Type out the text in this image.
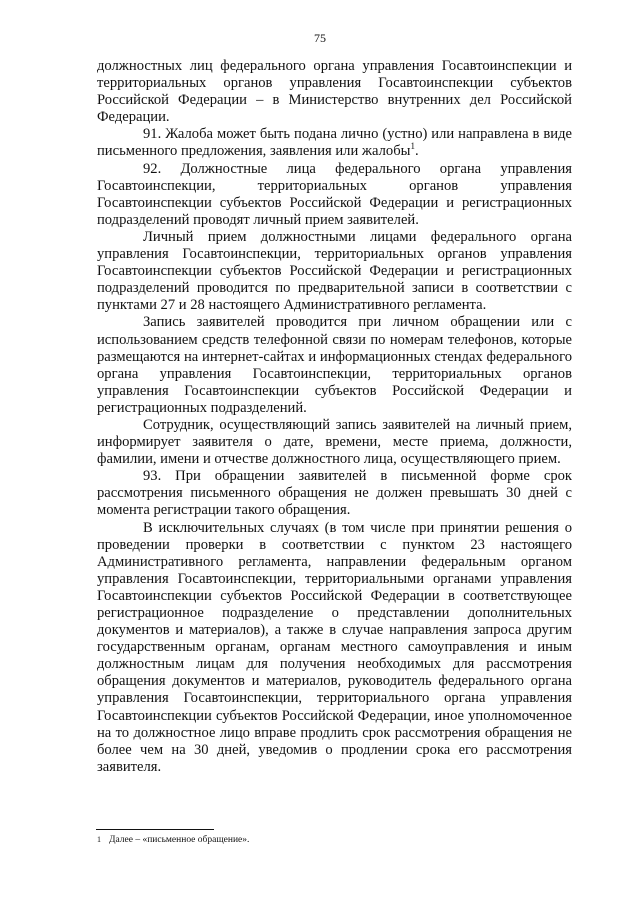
75

должностных лиц федерального органа управления Госавтоинспекции и территориальных органов управления Госавтоинспекции субъектов Российской Федерации – в Министерство внутренних дел Российской Федерации.

91. Жалоба может быть подана лично (устно) или направлена в виде письменного предложения, заявления или жалобы$^1$.

92. Должностные лица федерального органа управления Госавтоинспекции, территориальных органов управления Госавтоинспекции субъектов Российской Федерации и регистрационных подразделений проводят личный прием заявителей.

Личный прием должностными лицами федерального органа управления Госавтоинспекции, территориальных органов управления Госавтоинспекции субъектов Российской Федерации и регистрационных подразделений проводится по предварительной записи в соответствии с пунктами 27 и 28 настоящего Административного регламента.

Запись заявителей проводится при личном обращении или с использованием средств телефонной связи по номерам телефонов, которые размещаются на интернет-сайтах и информационных стендах федерального органа управления Госавтоинспекции, территориальных органов управления Госавтоинспекции субъектов Российской Федерации и регистрационных подразделений.

Сотрудник, осуществляющий запись заявителей на личный прием, информирует заявителя о дате, времени, месте приема, должности, фамилии, имени и отчестве должностного лица, осуществляющего прием.

93. При обращении заявителей в письменной форме срок рассмотрения письменного обращения не должен превышать 30 дней с момента регистрации такого обращения.

В исключительных случаях (в том числе при принятии решения о проведении проверки в соответствии с пунктом 23 настоящего Административного регламента, направлении федеральным органом управления Госавтоинспекции, территориальными органами управления Госавтоинспекции субъектов Российской Федерации в соответствующее регистрационное подразделение о представлении дополнительных документов и материалов), а также в случае направления запроса другим государственным органам, органам местного самоуправления и иным должностным лицам для получения необходимых для рассмотрения обращения документов и материалов, руководитель федерального органа управления Госавтоинспекции, территориального органа управления Госавтоинспекции субъектов Российской Федерации, иное уполномоченное на то должностное лицо вправе продлить срок рассмотрения обращения не более чем на 30 дней, уведомив о продлении срока его рассмотрения заявителя.

1 Далее – «письменное обращение».
